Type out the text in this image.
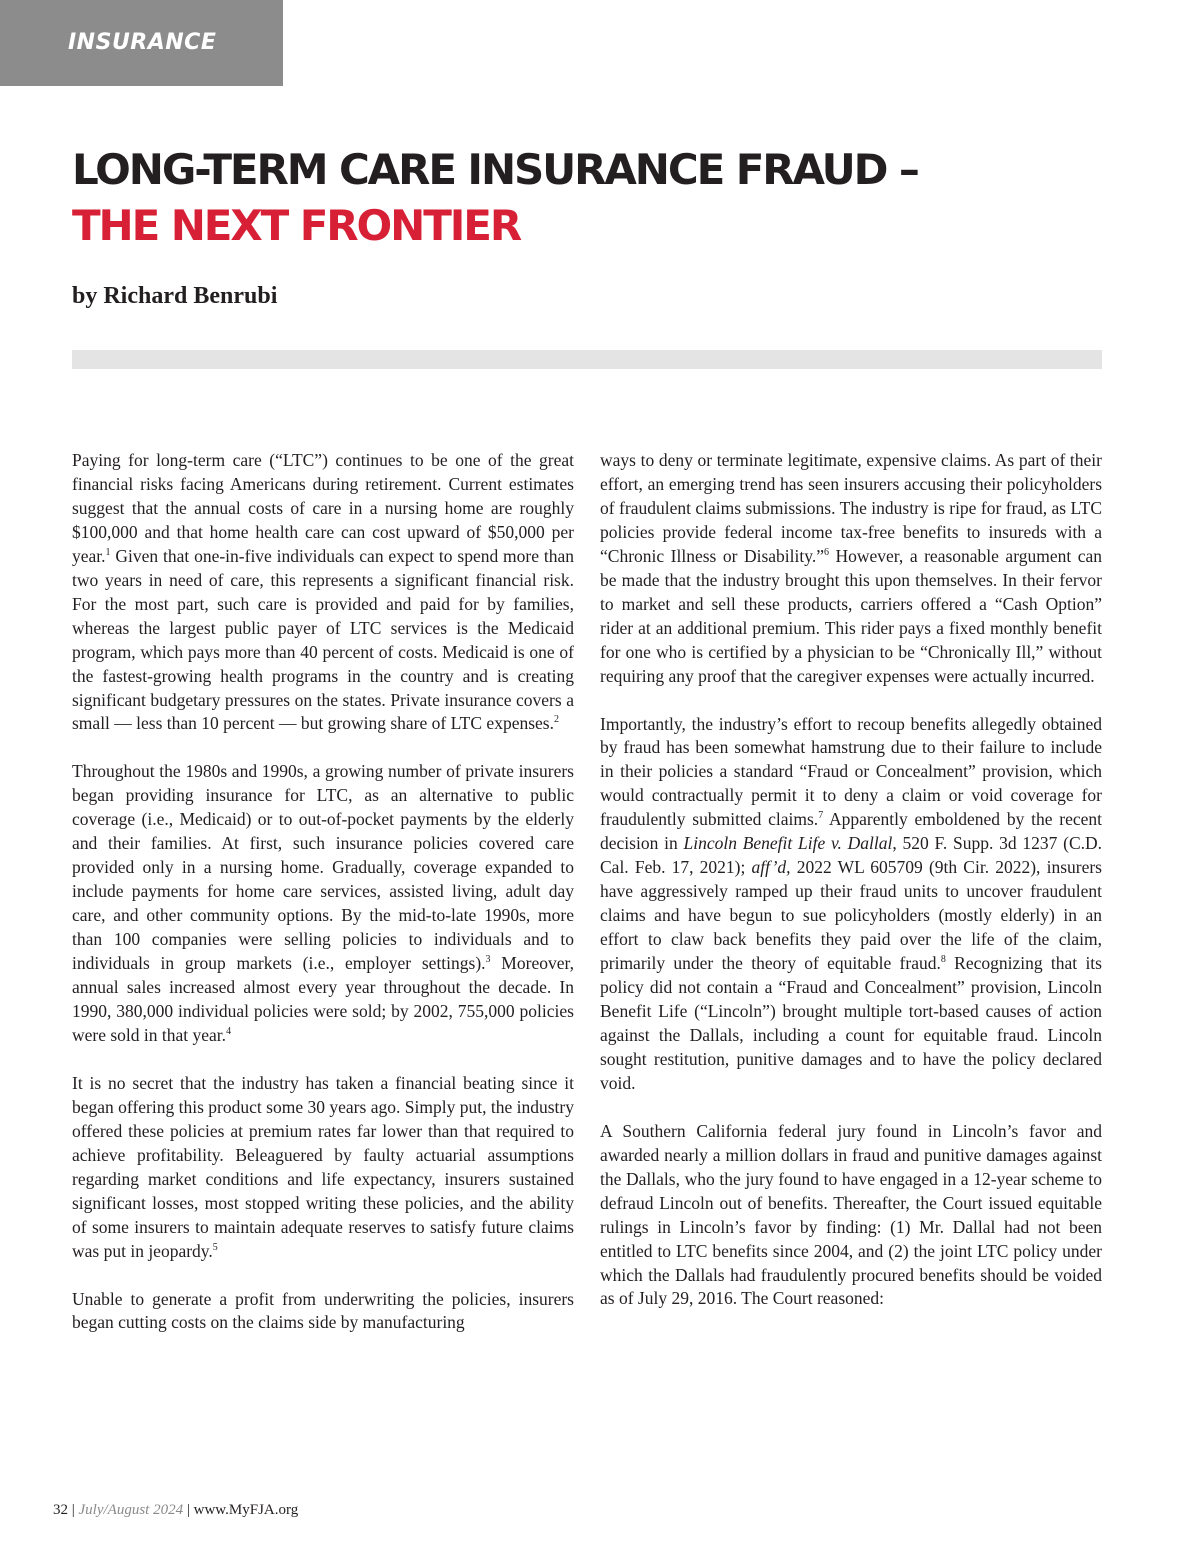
INSURANCE
LONG-TERM CARE INSURANCE FRAUD –
THE NEXT FRONTIER

by Richard Benrubi

Paying for long-term care (“LTC”) continues to be one of the great financial risks facing Americans during retirement. Current estimates suggest that the annual costs of care in a nursing home are roughly $100,000 and that home health care can cost upward of $50,000 per year.$^1$ Given that one-in-five individuals can expect to spend more than two years in need of care, this represents a significant financial risk. For the most part, such care is provided and paid for by families, whereas the largest public payer of LTC services is the Medicaid program, which pays more than 40 percent of costs. Medicaid is one of the fastest-growing health programs in the country and is creating significant budgetary pressures on the states. Private insurance covers a small — less than 10 percent — but growing share of LTC expenses.$^2$

Throughout the 1980s and 1990s, a growing number of private insurers began providing insurance for LTC, as an alternative to public coverage (i.e., Medicaid) or to out-of-pocket payments by the elderly and their families. At first, such insurance policies covered care provided only in a nursing home. Gradually, coverage expanded to include payments for home care services, assisted living, adult day care, and other community options. By the mid-to-late 1990s, more than 100 companies were selling policies to individuals and to individuals in group markets (i.e., employer settings).$^3$ Moreover, annual sales increased almost every year throughout the decade. In 1990, 380,000 individual policies were sold; by 2002, 755,000 policies were sold in that year.$^4$

It is no secret that the industry has taken a financial beating since it began offering this product some 30 years ago. Simply put, the industry offered these policies at premium rates far lower than that required to achieve profitability. Beleaguered by faulty actuarial assumptions regarding market conditions and life expectancy, insurers sustained significant losses, most stopped writing these policies, and the ability of some insurers to maintain adequate reserves to satisfy future claims was put in jeopardy.$^5$

Unable to generate a profit from underwriting the policies, insurers began cutting costs on the claims side by manufacturing

ways to deny or terminate legitimate, expensive claims. As part of their effort, an emerging trend has seen insurers accusing their policyholders of fraudulent claims submissions. The industry is ripe for fraud, as LTC policies provide federal income tax-free benefits to insureds with a “Chronic Illness or Disability.”$^6$ However, a reasonable argument can be made that the industry brought this upon themselves. In their fervor to market and sell these products, carriers offered a “Cash Option” rider at an additional premium. This rider pays a fixed monthly benefit for one who is certified by a physician to be “Chronically Ill,” without requiring any proof that the caregiver expenses were actually incurred.

Importantly, the industry’s effort to recoup benefits allegedly obtained by fraud has been somewhat hamstrung due to their failure to include in their policies a standard “Fraud or Concealment” provision, which would contractually permit it to deny a claim or void coverage for fraudulently submitted claims.$^7$ Apparently emboldened by the recent decision in Lincoln Benefit Life v. Dallal, 520 F. Supp. 3d 1237 (C.D. Cal. Feb. 17, 2021); aff’d, 2022 WL 605709 (9th Cir. 2022), insurers have aggressively ramped up their fraud units to uncover fraudulent claims and have begun to sue policyholders (mostly elderly) in an effort to claw back benefits they paid over the life of the claim, primarily under the theory of equitable fraud.$^8$ Recognizing that its policy did not contain a “Fraud and Concealment” provision, Lincoln Benefit Life (“Lincoln”) brought multiple tort-based causes of action against the Dallals, including a count for equitable fraud. Lincoln sought restitution, punitive damages and to have the policy declared void.

A Southern California federal jury found in Lincoln’s favor and awarded nearly a million dollars in fraud and punitive damages against the Dallals, who the jury found to have engaged in a 12-year scheme to defraud Lincoln out of benefits. Thereafter, the Court issued equitable rulings in Lincoln’s favor by finding: (1) Mr. Dallal had not been entitled to LTC benefits since 2004, and (2) the joint LTC policy under which the Dallals had fraudulently procured benefits should be voided as of July 29, 2016. The Court reasoned:

32 | July/August 2024 | www.MyFJA.org
